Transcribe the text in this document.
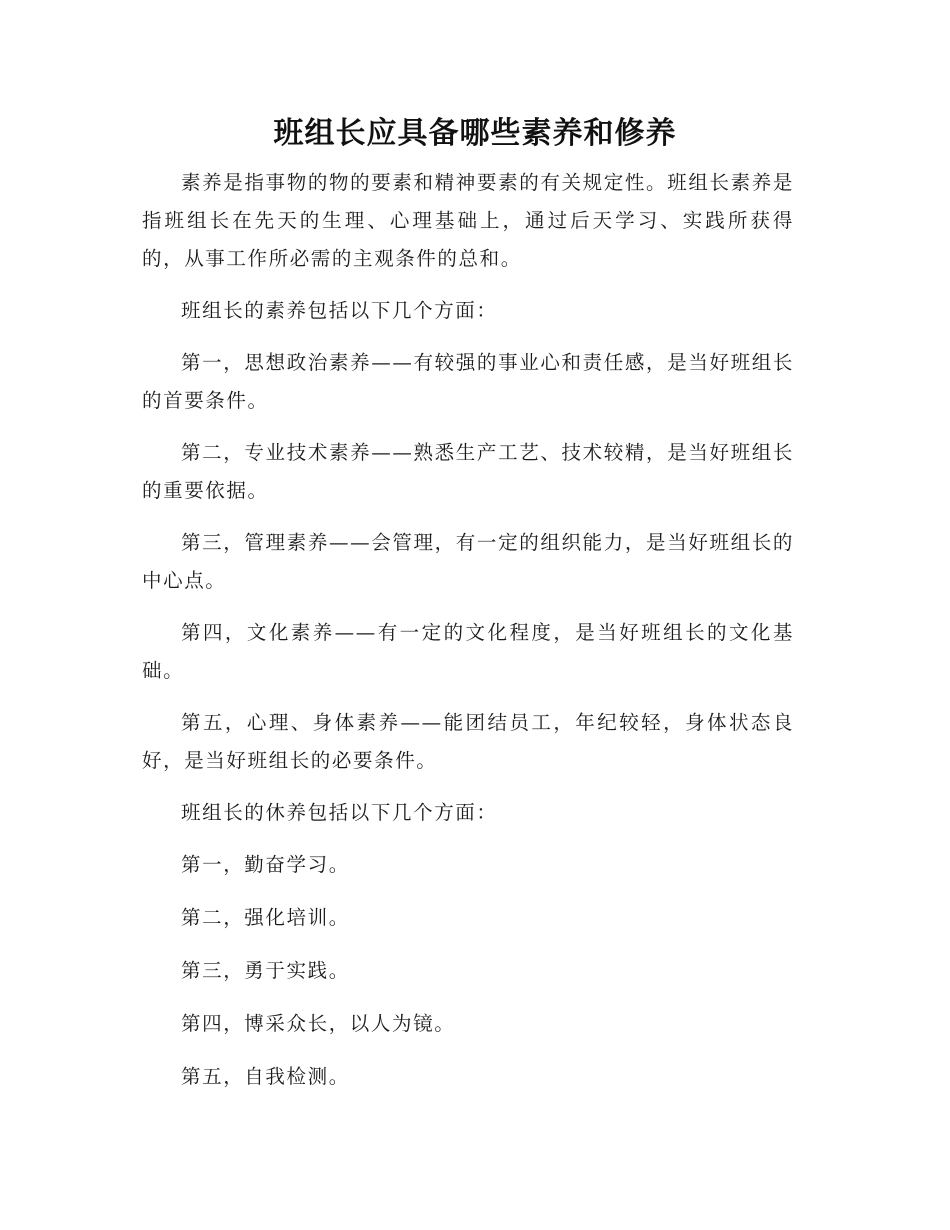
班组长应具备哪些素养和修养

素养是指事物的物的要素和精神要素的有关规定性。班组长素养是指班组长在先天的生理、心理基础上，通过后天学习、实践所获得的，从事工作所必需的主观条件的总和。

班组长的素养包括以下几个方面：

第一，思想政治素养——有较强的事业心和责任感，是当好班组长的首要条件。

第二，专业技术素养——熟悉生产工艺、技术较精，是当好班组长的重要依据。

第三，管理素养——会管理，有一定的组织能力，是当好班组长的中心点。

第四，文化素养——有一定的文化程度，是当好班组长的文化基础。

第五，心理、身体素养——能团结员工，年纪较轻，身体状态良好，是当好班组长的必要条件。

班组长的休养包括以下几个方面：

第一，勤奋学习。

第二，强化培训。

第三，勇于实践。

第四，博采众长，以人为镜。

第五，自我检测。
